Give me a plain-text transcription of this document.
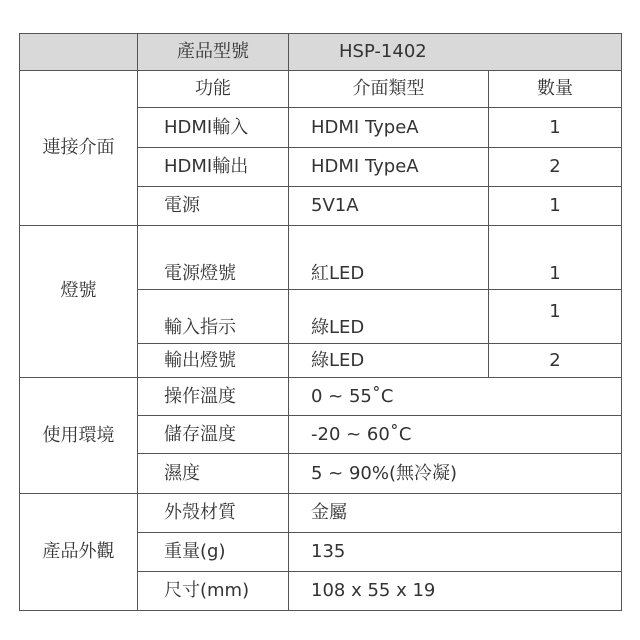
	產品型號	HSP-1402	
連接介面	功能	介面類型	數量
	HDMI輸入	HDMI TypeA	1
	HDMI輸出	HDMI TypeA	2
	電源	5V1A	1
燈號	電源燈號	紅LED	1
	輸入指示	綠LED	1
	輸出燈號	綠LED	2
使用環境	操作溫度	0 ~ 55˚C	
	儲存溫度	-20 ~ 60˚C	
	濕度	5 ~ 90%(無冷凝)	
產品外觀	外殼材質	金屬	
	重量(g)	135	
	尺寸(mm)	108 x 55 x 19	
